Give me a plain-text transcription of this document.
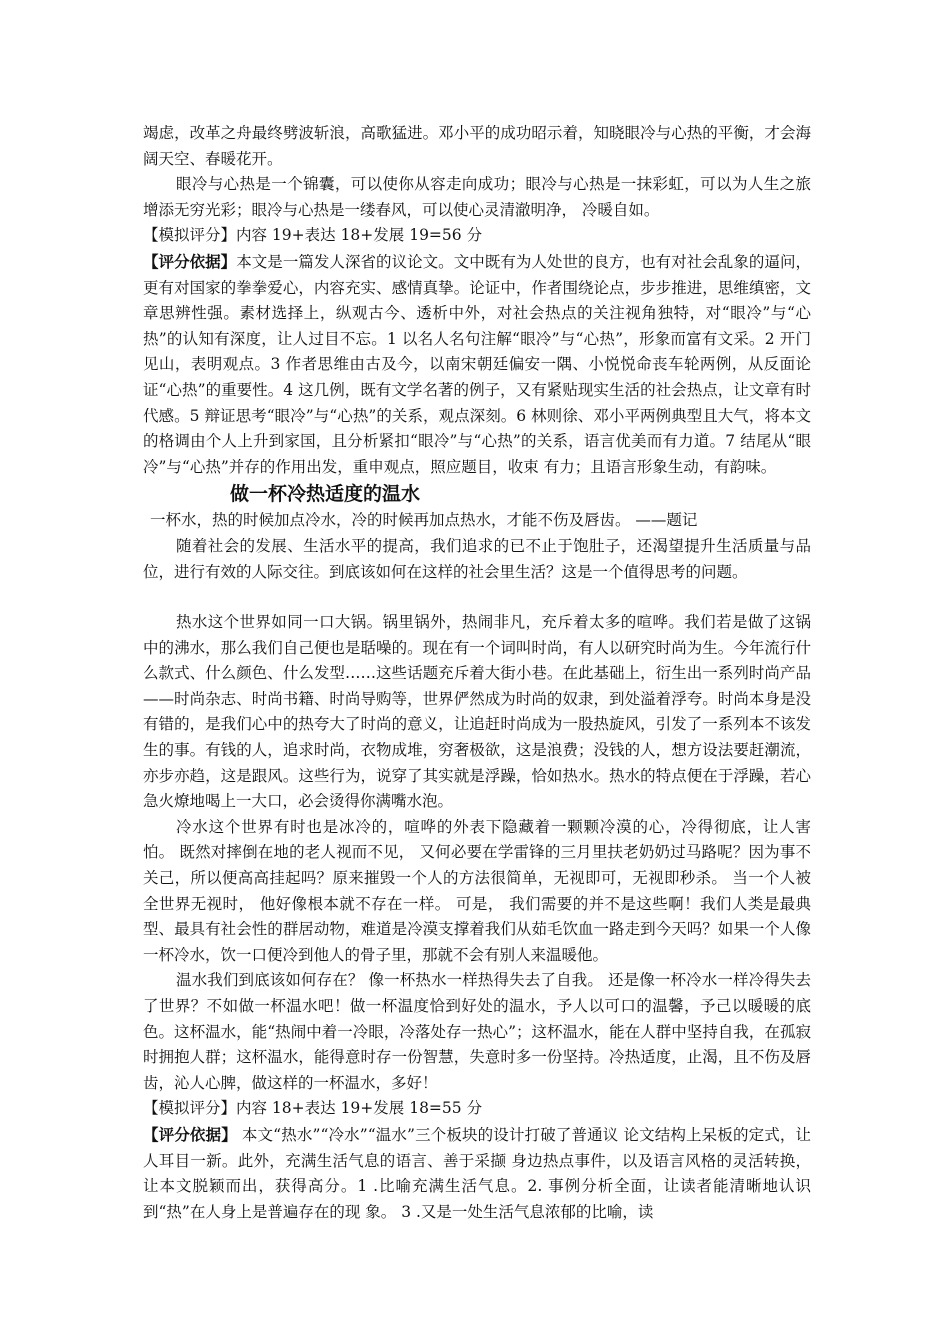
竭虑，改革之舟最终劈波斩浪，高歌猛进。邓小平的成功昭示着，知晓眼冷与心热的平衡，才会海阔天空、春暖花开。

眼冷与心热是一个锦囊，可以使你从容走向成功；眼冷与心热是一抹彩虹，可以为人生之旅增添无穷光彩；眼冷与心热是一缕春风，可以使心灵清澈明净， 冷暖自如。

【模拟评分】内容 19+表达 18+发展 19=56 分

【评分依据】本文是一篇发人深省的议论文。文中既有为人处世的良方，也有对社会乱象的逼问，更有对国家的拳拳爱心，内容充实、感情真挚。论证中，作者围绕论点，步步推进，思维缜密，文章思辨性强。素材选择上，纵观古今、透析中外，对社会热点的关注视角独特，对“眼冷”与“心热”的认知有深度，让人过目不忘。1 以名人名句注解“眼冷”与“心热”，形象而富有文采。2 开门见山，表明观点。3 作者思维由古及今，以南宋朝廷偏安一隅、小悦悦命丧车轮两例，从反面论证“心热”的重要性。4 这几例，既有文学名著的例子，又有紧贴现实生活的社会热点，让文章有时代感。5 辩证思考“眼冷”与“心热”的关系，观点深刻。6 林则徐、邓小平两例典型且大气，将本文的格调由个人上升到家国，且分析紧扣“眼冷”与“心热”的关系，语言优美而有力道。7 结尾从“眼冷”与“心热”并存的作用出发，重申观点，照应题目，收束 有力；且语言形象生动，有韵味。

做一杯冷热适度的温水

一杯水，热的时候加点冷水，冷的时候再加点热水，才能不伤及唇齿。 ——题记

随着社会的发展、生活水平的提高，我们追求的已不止于饱肚子，还渴望提升生活质量与品位，进行有效的人际交往。到底该如何在这样的社会里生活？这是一个值得思考的问题。

热水这个世界如同一口大锅。锅里锅外，热闹非凡，充斥着太多的喧哗。我们若是做了这锅中的沸水，那么我们自己便也是聒噪的。现在有一个词叫时尚，有人以研究时尚为生。今年流行什么款式、什么颜色、什么发型……这些话题充斥着大街小巷。在此基础上，衍生出一系列时尚产品 ——时尚杂志、时尚书籍、时尚导购等，世界俨然成为时尚的奴隶，到处溢着浮夸。时尚本身是没有错的，是我们心中的热夸大了时尚的意义，让追赶时尚成为一股热旋风，引发了一系列本不该发生的事。有钱的人，追求时尚，衣物成堆，穷奢极欲，这是浪费；没钱的人，想方设法要赶潮流，亦步亦趋，这是跟风。这些行为，说穿了其实就是浮躁，恰如热水。热水的特点便在于浮躁，若心急火燎地喝上一大口，必会烫得你满嘴水泡。

冷水这个世界有时也是冰冷的，喧哗的外表下隐藏着一颗颗冷漠的心，冷得彻底，让人害怕。 既然对摔倒在地的老人视而不见， 又何必要在学雷锋的三月里扶老奶奶过马路呢？因为事不关己，所以便高高挂起吗？原来摧毁一个人的方法很简单，无视即可，无视即秒杀。 当一个人被全世界无视时， 他好像根本就不存在一样。 可是， 我们需要的并不是这些啊！我们人类是最典型、最具有社会性的群居动物，难道是冷漠支撑着我们从茹毛饮血一路走到今天吗？如果一个人像一杯冷水，饮一口便冷到他人的骨子里，那就不会有别人来温暖他。

温水我们到底该如何存在？ 像一杯热水一样热得失去了自我。 还是像一杯冷水一样冷得失去了世界？不如做一杯温水吧！做一杯温度恰到好处的温水，予人以可口的温馨，予己以暖暖的底色。这杯温水，能“热闹中着一冷眼，冷落处存一热心”；这杯温水，能在人群中坚持自我，在孤寂时拥抱人群；这杯温水，能得意时存一份智慧，失意时多一份坚持。冷热适度，止渴，且不伤及唇齿，沁人心脾，做这样的一杯温水，多好！

【模拟评分】内容 18+表达 19+发展 18=55 分

【评分依据】 本文“热水”“冷水”“温水”三个板块的设计打破了普通议 论文结构上呆板的定式，让人耳目一新。此外，充满生活气息的语言、善于采撷 身边热点事件，以及语言风格的灵活转换，让本文脱颖而出，获得高分。1 .比喻充满生活气息。2. 事例分析全面，让读者能清晰地认识到“热”在人身上是普遍存在的现 象。 3 .又是一处生活气息浓郁的比喻，读
